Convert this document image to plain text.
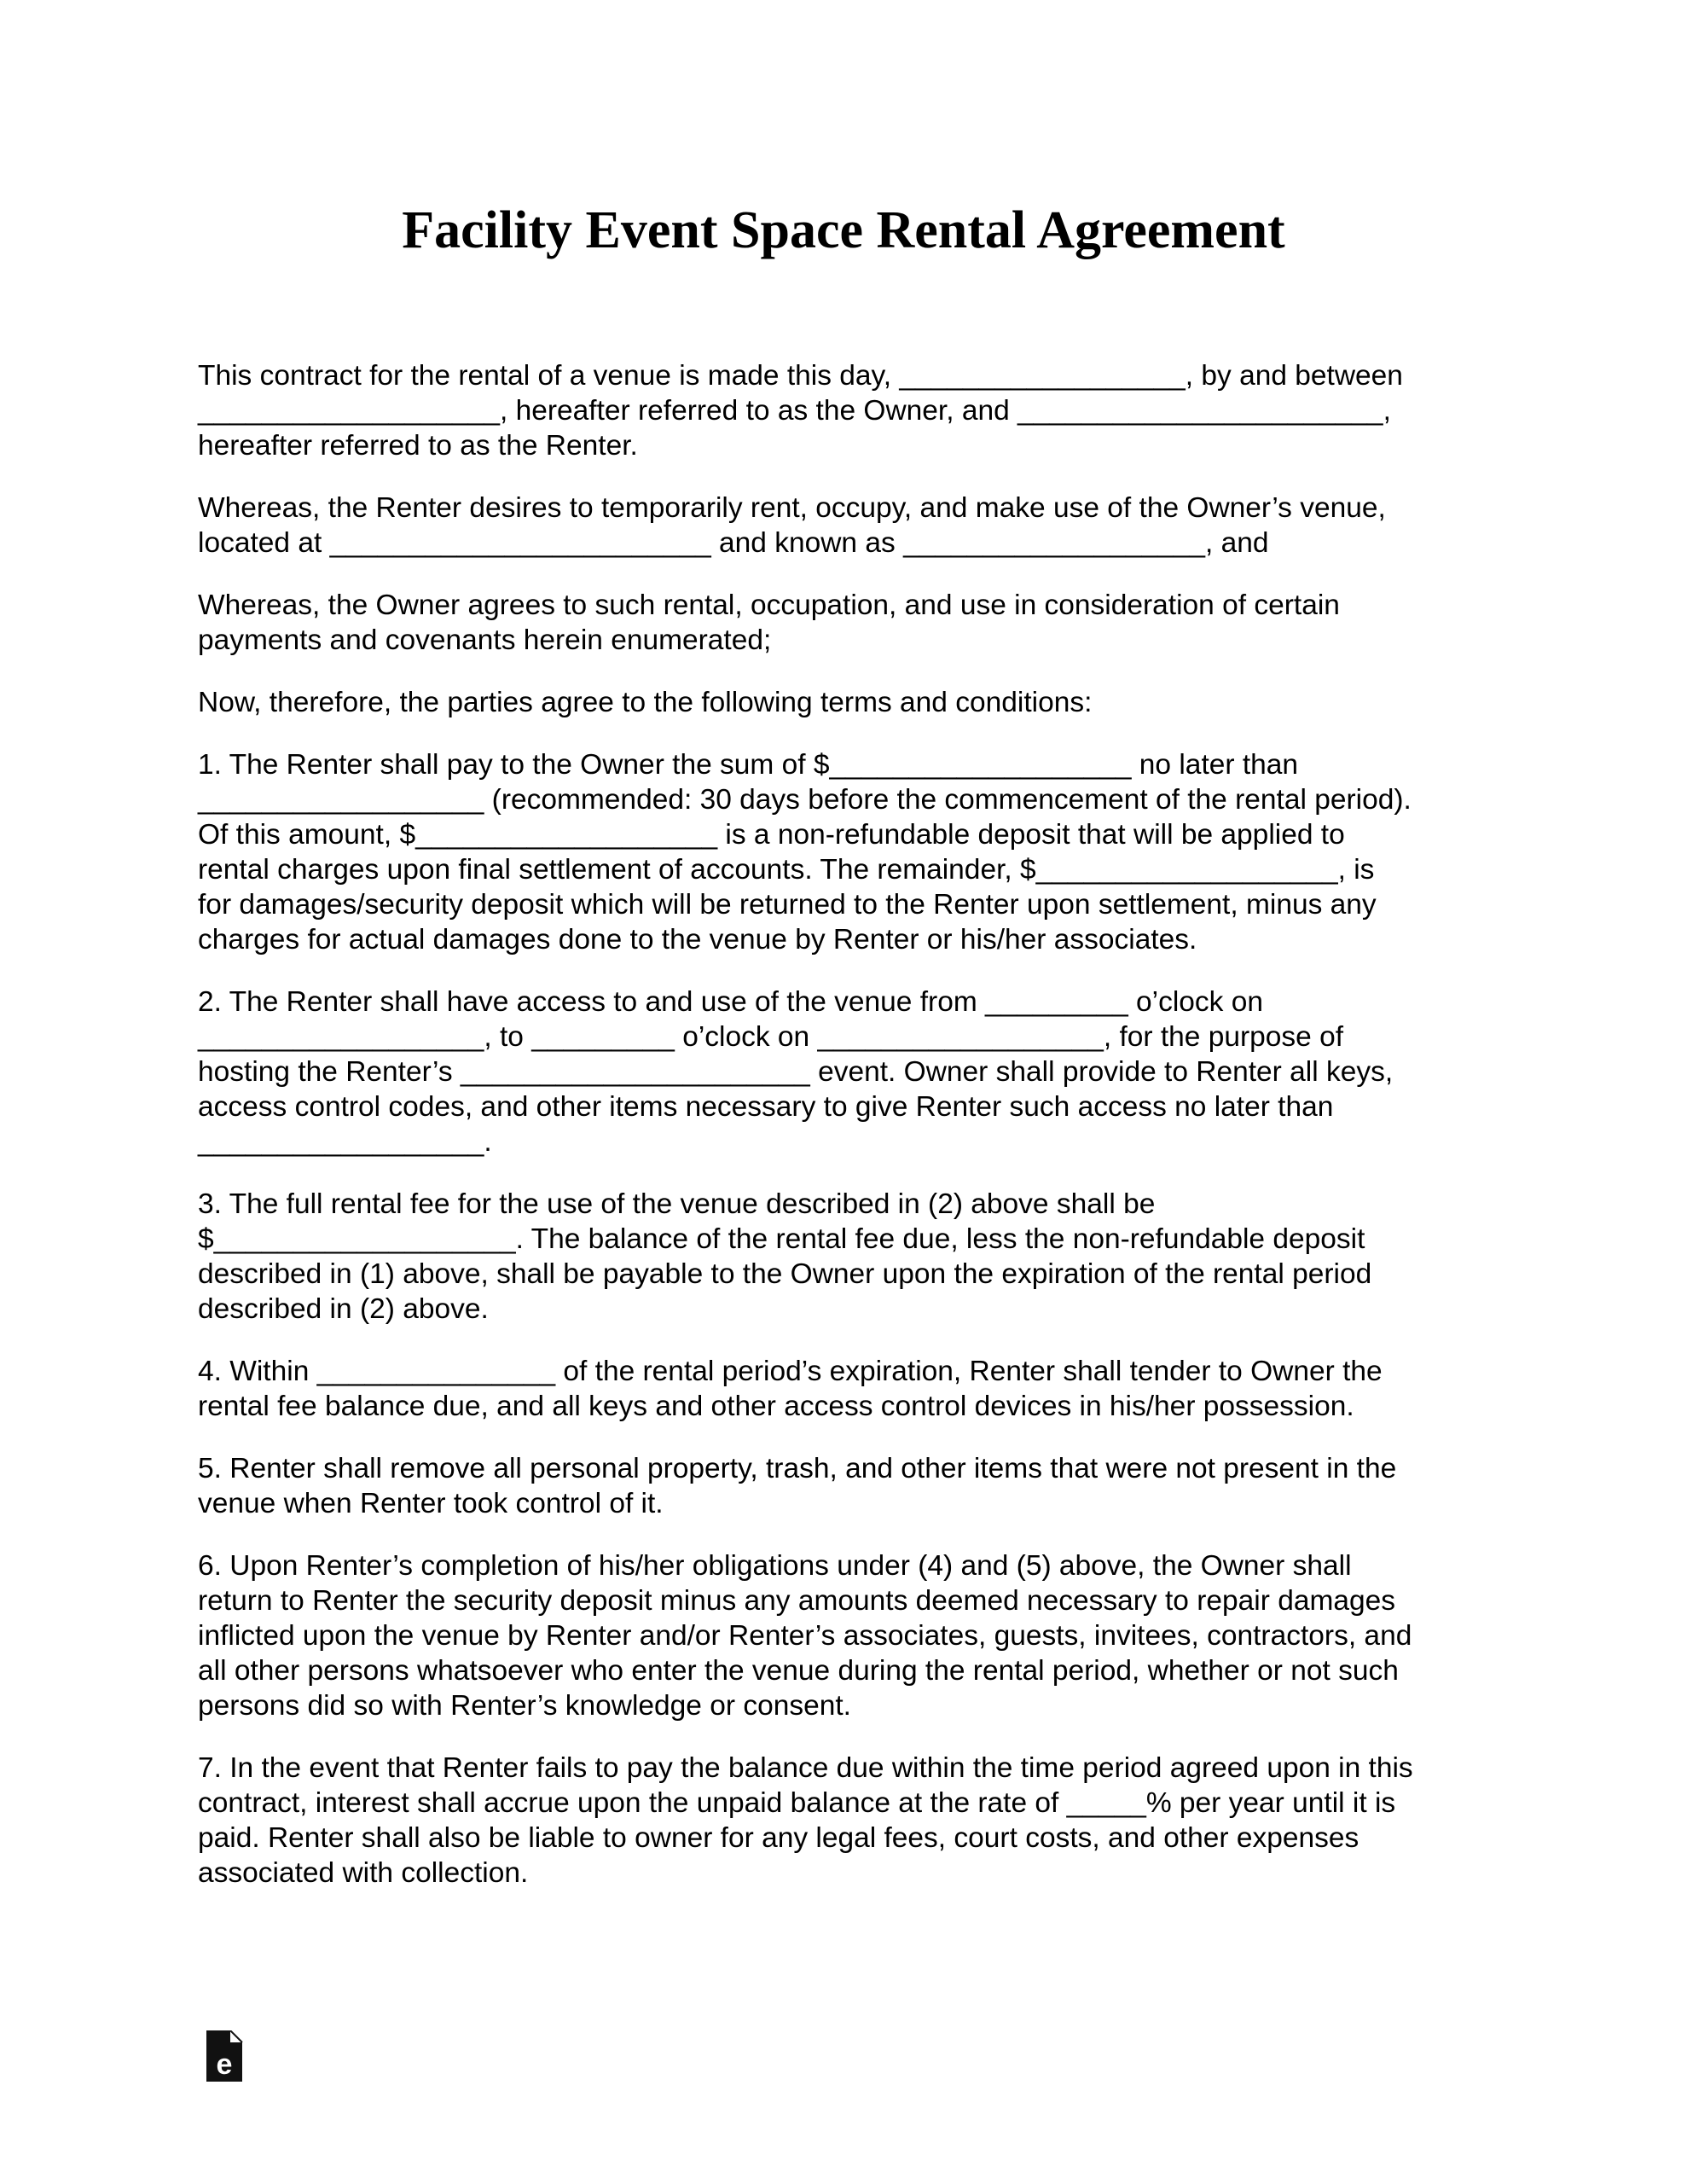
Facility Event Space Rental Agreement

This contract for the rental of a venue is made this day, __________________, by and between
___________________, hereafter referred to as the Owner, and _______________________,
hereafter referred to as the Renter.

Whereas, the Renter desires to temporarily rent, occupy, and make use of the Owner’s venue,
located at ________________________ and known as ___________________, and

Whereas, the Owner agrees to such rental, occupation, and use in consideration of certain
payments and covenants herein enumerated;

Now, therefore, the parties agree to the following terms and conditions:

1. The Renter shall pay to the Owner the sum of $___________________ no later than
__________________ (recommended: 30 days before the commencement of the rental period).
Of this amount, $___________________ is a non-refundable deposit that will be applied to
rental charges upon final settlement of accounts. The remainder, $___________________, is
for damages/security deposit which will be returned to the Renter upon settlement, minus any
charges for actual damages done to the venue by Renter or his/her associates.

2. The Renter shall have access to and use of the venue from _________ o’clock on
__________________, to _________ o’clock on __________________, for the purpose of
hosting the Renter’s ______________________ event. Owner shall provide to Renter all keys,
access control codes, and other items necessary to give Renter such access no later than
__________________.

3. The full rental fee for the use of the venue described in (2) above shall be
$___________________. The balance of the rental fee due, less the non-refundable deposit
described in (1) above, shall be payable to the Owner upon the expiration of the rental period
described in (2) above.

4. Within _______________ of the rental period’s expiration, Renter shall tender to Owner the
rental fee balance due, and all keys and other access control devices in his/her possession.

5. Renter shall remove all personal property, trash, and other items that were not present in the
venue when Renter took control of it.

6. Upon Renter’s completion of his/her obligations under (4) and (5) above, the Owner shall
return to Renter the security deposit minus any amounts deemed necessary to repair damages
inflicted upon the venue by Renter and/or Renter’s associates, guests, invitees, contractors, and
all other persons whatsoever who enter the venue during the rental period, whether or not such
persons did so with Renter’s knowledge or consent.

7. In the event that Renter fails to pay the balance due within the time period agreed upon in this
contract, interest shall accrue upon the unpaid balance at the rate of _____% per year until it is
paid. Renter shall also be liable to owner for any legal fees, court costs, and other expenses
associated with collection.

e
